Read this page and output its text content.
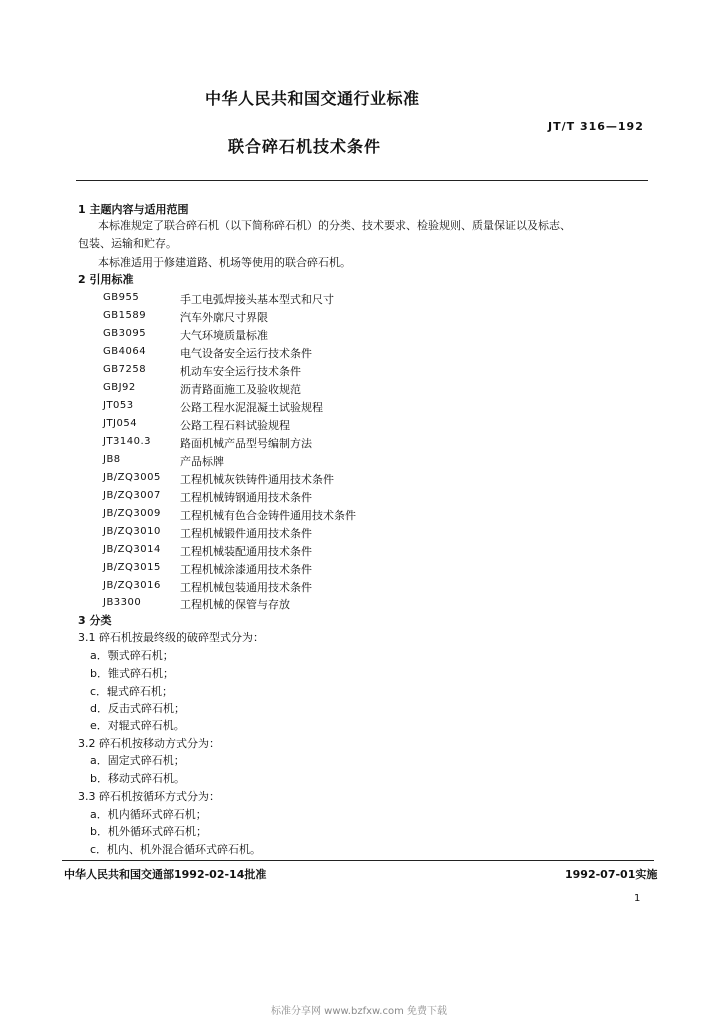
中华人民共和国交通行业标准
JT/T 316—192
联合碎石机技术条件
1 主题内容与适用范围
本标准规定了联合碎石机（以下简称碎石机）的分类、技术要求、检验规则、质量保证以及标志、
包装、运输和贮存。
本标准适用于修建道路、机场等使用的联合碎石机。
2 引用标准
GB955	手工电弧焊接头基本型式和尺寸
GB1589	汽车外廓尺寸界限
GB3095	大气环境质量标准
GB4064	电气设备安全运行技术条件
GB7258	机动车安全运行技术条件
GBJ92	沥青路面施工及验收规范
JT053	公路工程水泥混凝土试验规程
JTJ054	公路工程石料试验规程
JT3140.3	路面机械产品型号编制方法
JB8	产品标牌
JB/ZQ3005 工程机械灰铁铸件通用技术条件
JB/ZQ3007 工程机械铸钢通用技术条件
JB/ZQ3009 工程机械有色合金铸件通用技术条件
JB/ZQ3010 工程机械锻件通用技术条件
JB/ZQ3014 工程机械装配通用技术条件
JB/ZQ3015 工程机械涂漆通用技术条件
JB/ZQ3016 工程机械包装通用技术条件
JB3300	工程机械的保管与存放
3 分类
3.1 碎石机按最终级的破碎型式分为：
a．颚式碎石机；
b．锥式碎石机；
c．辊式碎石机；
d．反击式碎石机；
e．对辊式碎石机。
3.2 碎石机按移动方式分为：
a．固定式碎石机；
b．移动式碎石机。
3.3 碎石机按循环方式分为：
a．机内循环式碎石机；
b．机外循环式碎石机；
c．机内、机外混合循环式碎石机。
中华人民共和国交通部1992-02-14批准	1992-07-01实施
1
标准分享网 www.bzfxw.com 免费下载
